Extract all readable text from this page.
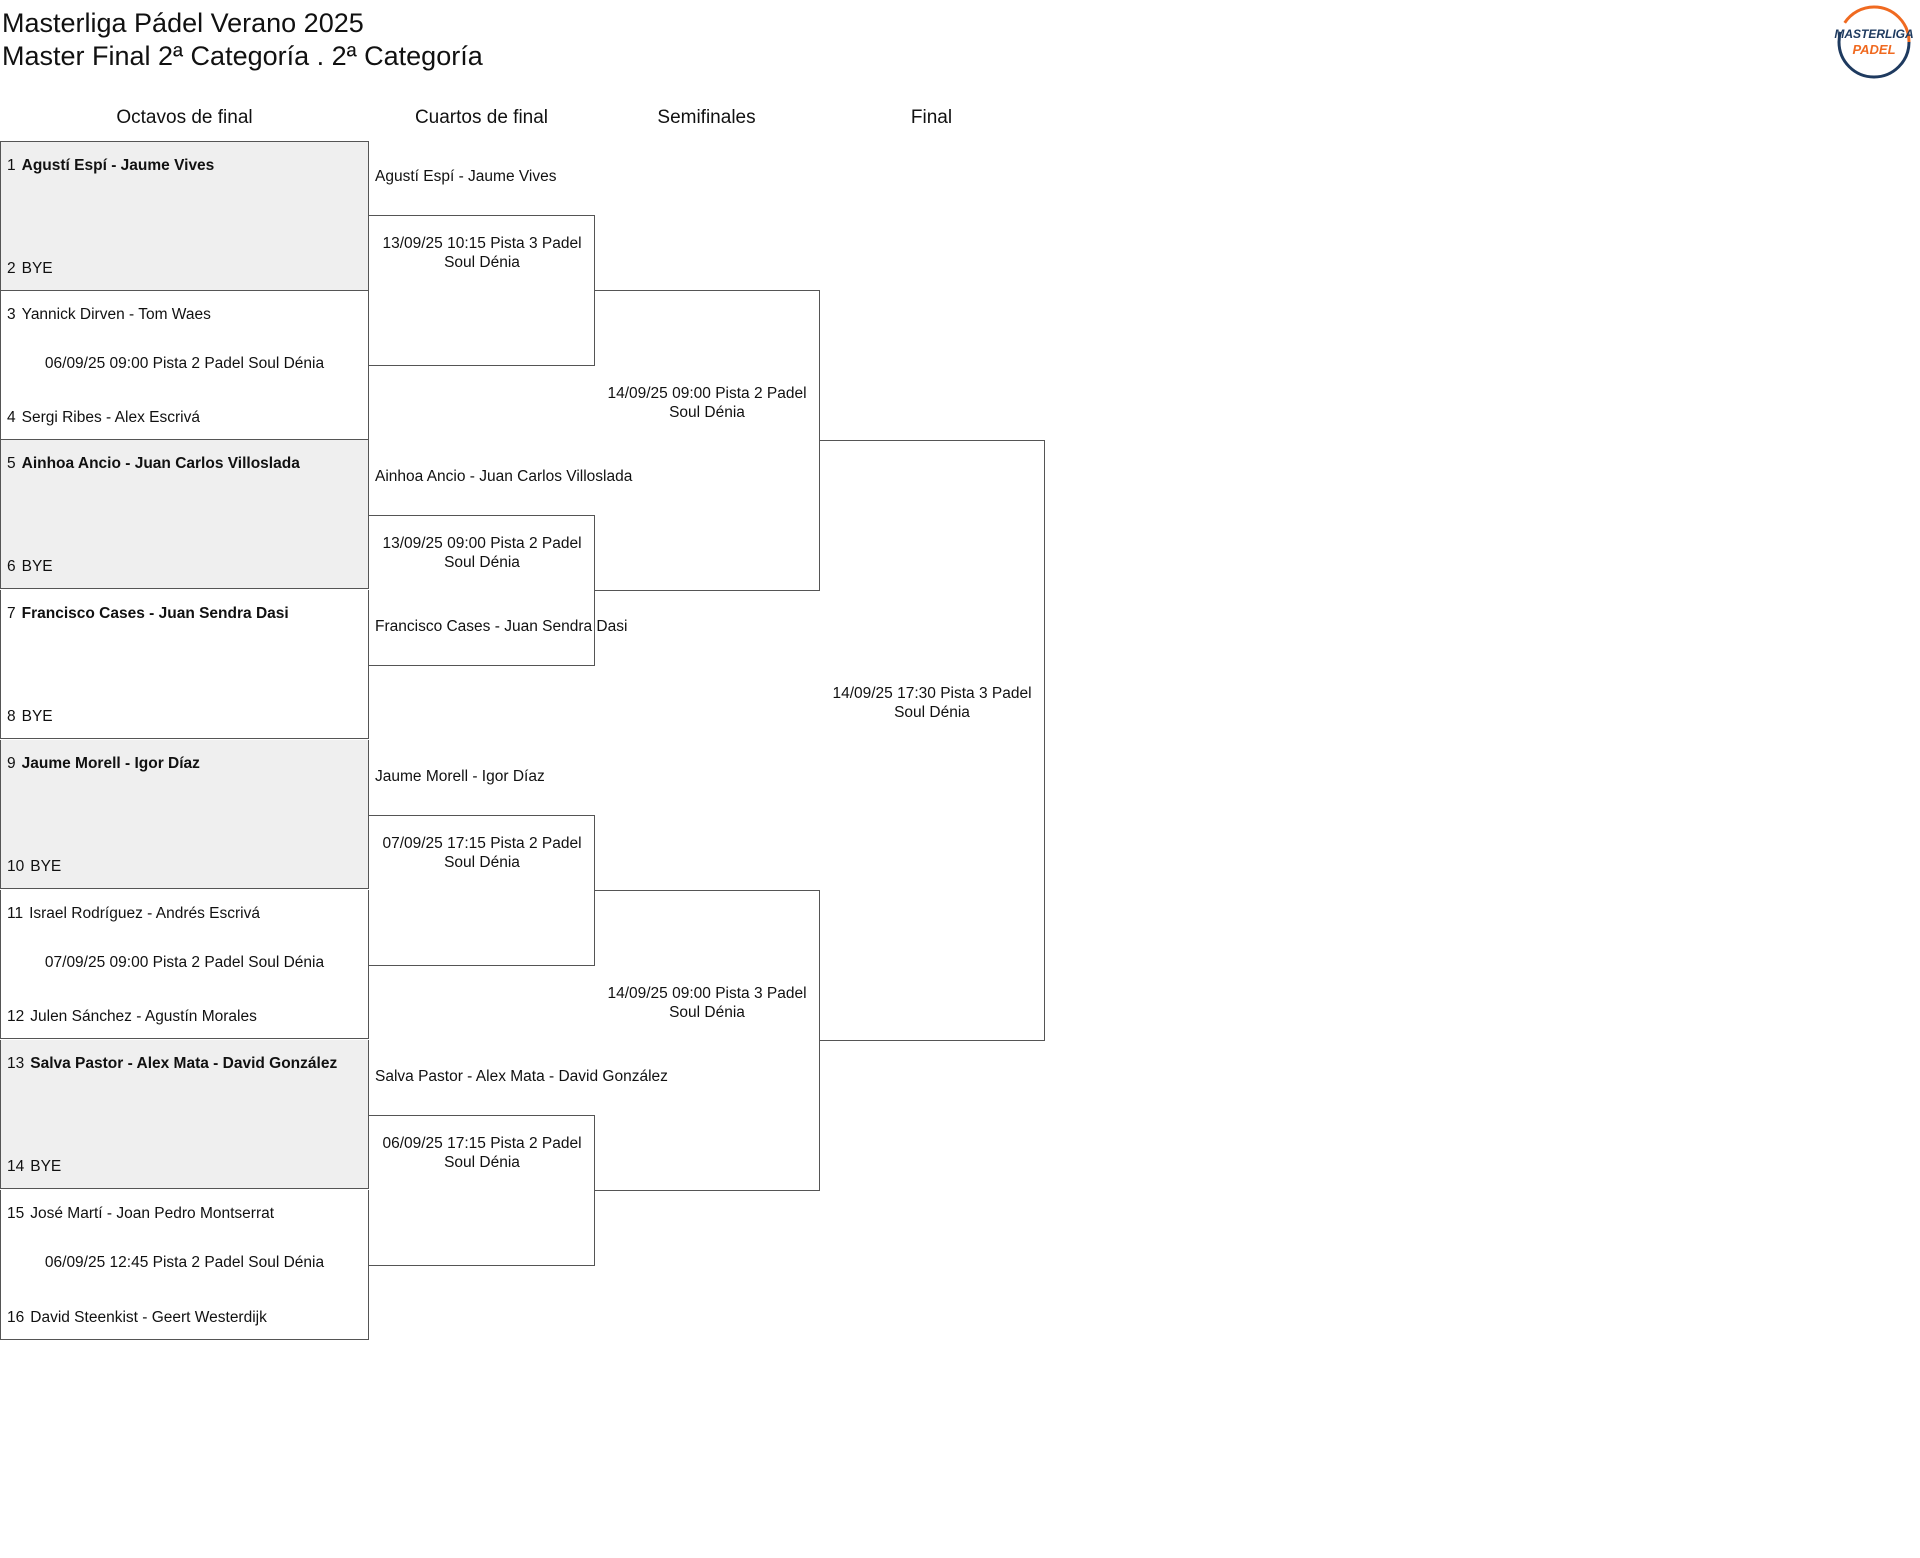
Masterliga Pádel Verano 2025
Master Final 2ª Categoría . 2ª Categoría
MASTERLIGA
PADEL
Octavos de final	Cuartos de final	Semifinales	Final
1 Agustí Espí - Jaume Vives
2 BYE
3 Yannick Dirven - Tom Waes
06/09/25 09:00 Pista 2 Padel Soul Dénia
4 Sergi Ribes - Alex Escrivá
5 Ainhoa Ancio - Juan Carlos Villoslada
6 BYE
7 Francisco Cases - Juan Sendra Dasi
8 BYE
9 Jaume Morell - Igor Díaz
10 BYE
11 Israel Rodríguez - Andrés Escrivá
07/09/25 09:00 Pista 2 Padel Soul Dénia
12 Julen Sánchez - Agustín Morales
13 Salva Pastor - Alex Mata - David González
14 BYE
15 José Martí - Joan Pedro Montserrat
06/09/25 12:45 Pista 2 Padel Soul Dénia
16 David Steenkist - Geert Westerdijk
Agustí Espí - Jaume Vives
13/09/25 10:15 Pista 3 Padel Soul Dénia
Ainhoa Ancio - Juan Carlos Villoslada
13/09/25 09:00 Pista 2 Padel Soul Dénia
Francisco Cases - Juan Sendra Dasi
Jaume Morell - Igor Díaz
07/09/25 17:15 Pista 2 Padel Soul Dénia
Salva Pastor - Alex Mata - David González
06/09/25 17:15 Pista 2 Padel Soul Dénia
14/09/25 09:00 Pista 2 Padel Soul Dénia
14/09/25 09:00 Pista 3 Padel Soul Dénia
14/09/25 17:30 Pista 3 Padel Soul Dénia
